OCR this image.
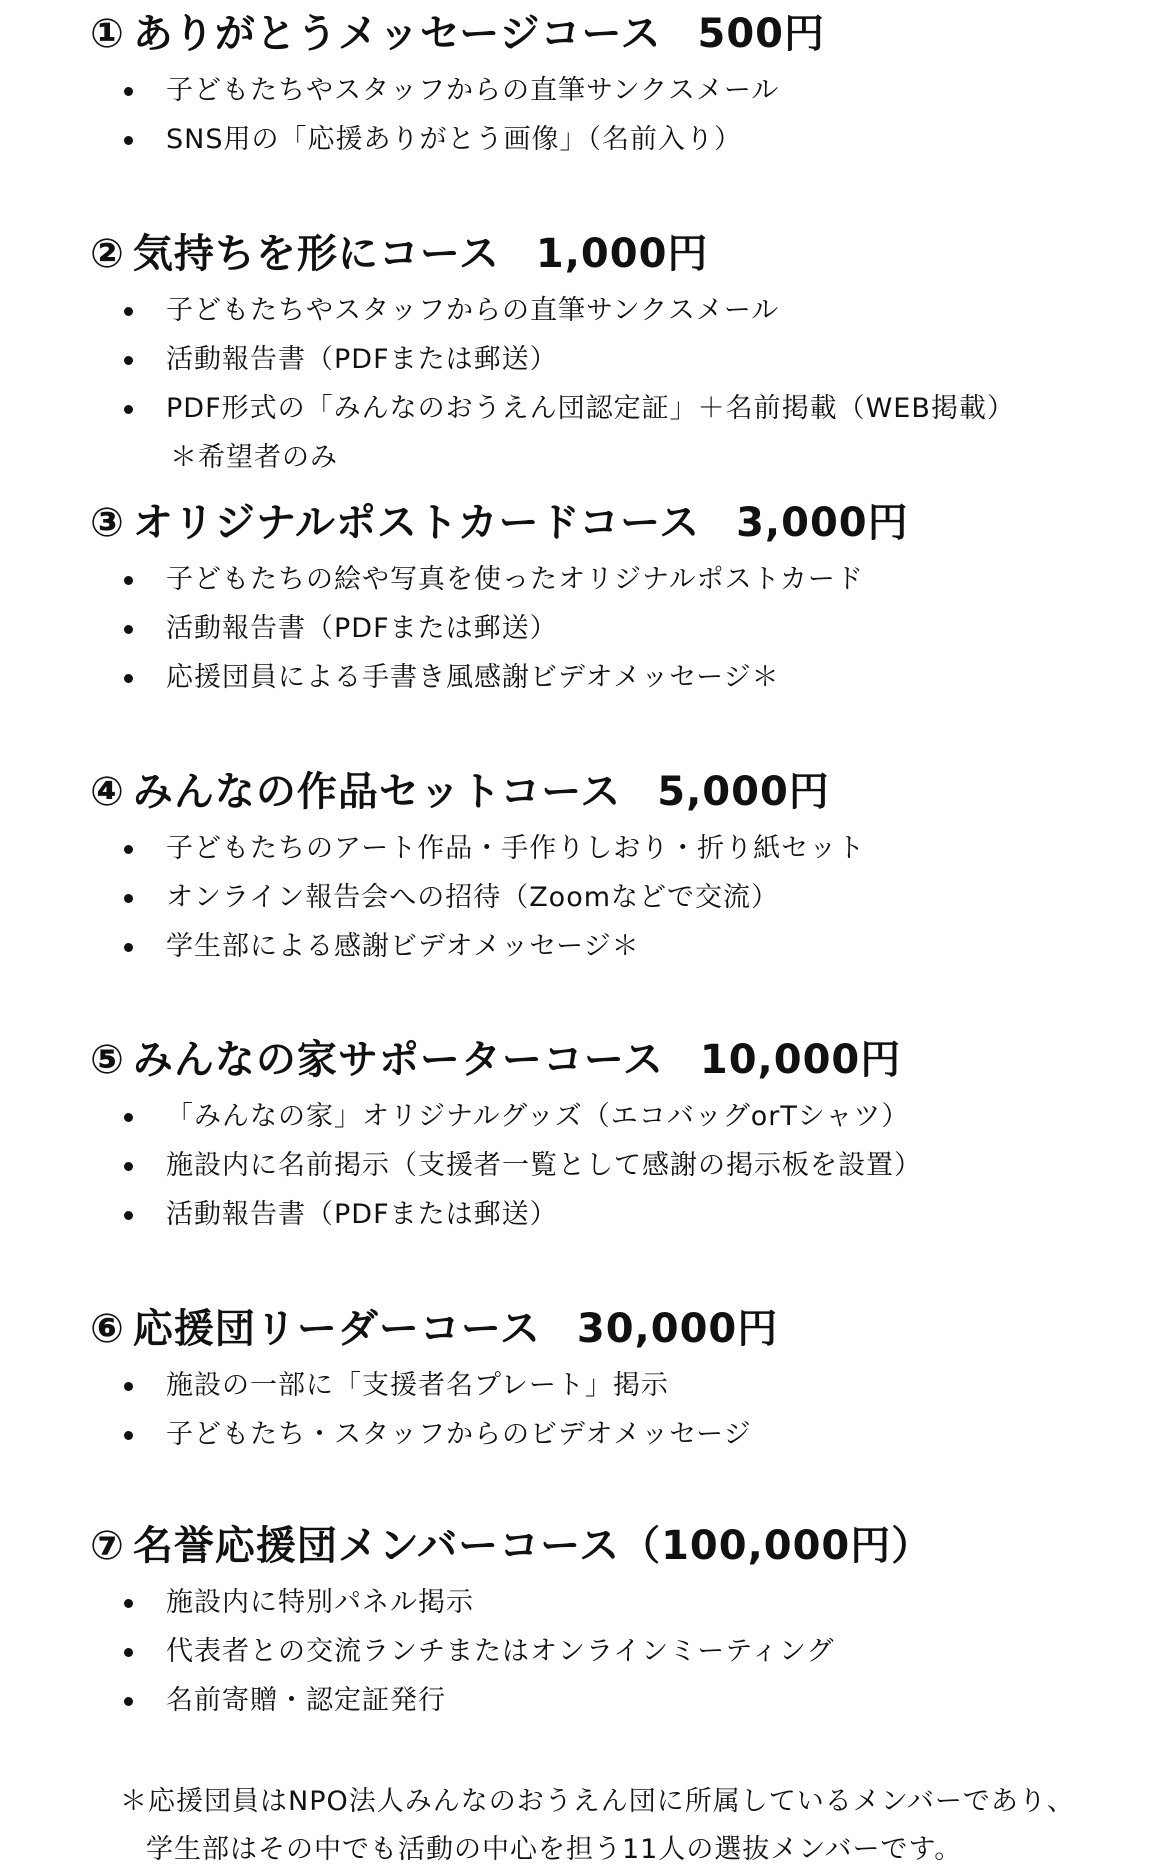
① ありがとうメッセージコース 500円
子どもたちやスタッフからの直筆サンクスメール
SNS用の「応援ありがとう画像」（名前入り）
② 気持ちを形にコース 1,000円
子どもたちやスタッフからの直筆サンクスメール
活動報告書（PDFまたは郵送）
PDF形式の「みんなのおうえん団認定証」＋名前掲載（WEB掲載）
＊希望者のみ
③ オリジナルポストカードコース 3,000円
子どもたちの絵や写真を使ったオリジナルポストカード
活動報告書（PDFまたは郵送）
応援団員による手書き風感謝ビデオメッセージ＊
④ みんなの作品セットコース 5,000円
子どもたちのアート作品・手作りしおり・折り紙セット
オンライン報告会への招待（Zoomなどで交流）
学生部による感謝ビデオメッセージ＊
⑤ みんなの家サポーターコース 10,000円
「みんなの家」オリジナルグッズ（エコバッグorTシャツ）
施設内に名前掲示（支援者一覧として感謝の掲示板を設置）
活動報告書（PDFまたは郵送）
⑥ 応援団リーダーコース 30,000円
施設の一部に「支援者名プレート」掲示
子どもたち・スタッフからのビデオメッセージ
⑦ 名誉応援団メンバーコース（100,000円）
施設内に特別パネル掲示
代表者との交流ランチまたはオンラインミーティング
名前寄贈・認定証発行
＊応援団員はNPO法人みんなのおうえん団に所属しているメンバーであり、
学生部はその中でも活動の中心を担う11人の選抜メンバーです。
